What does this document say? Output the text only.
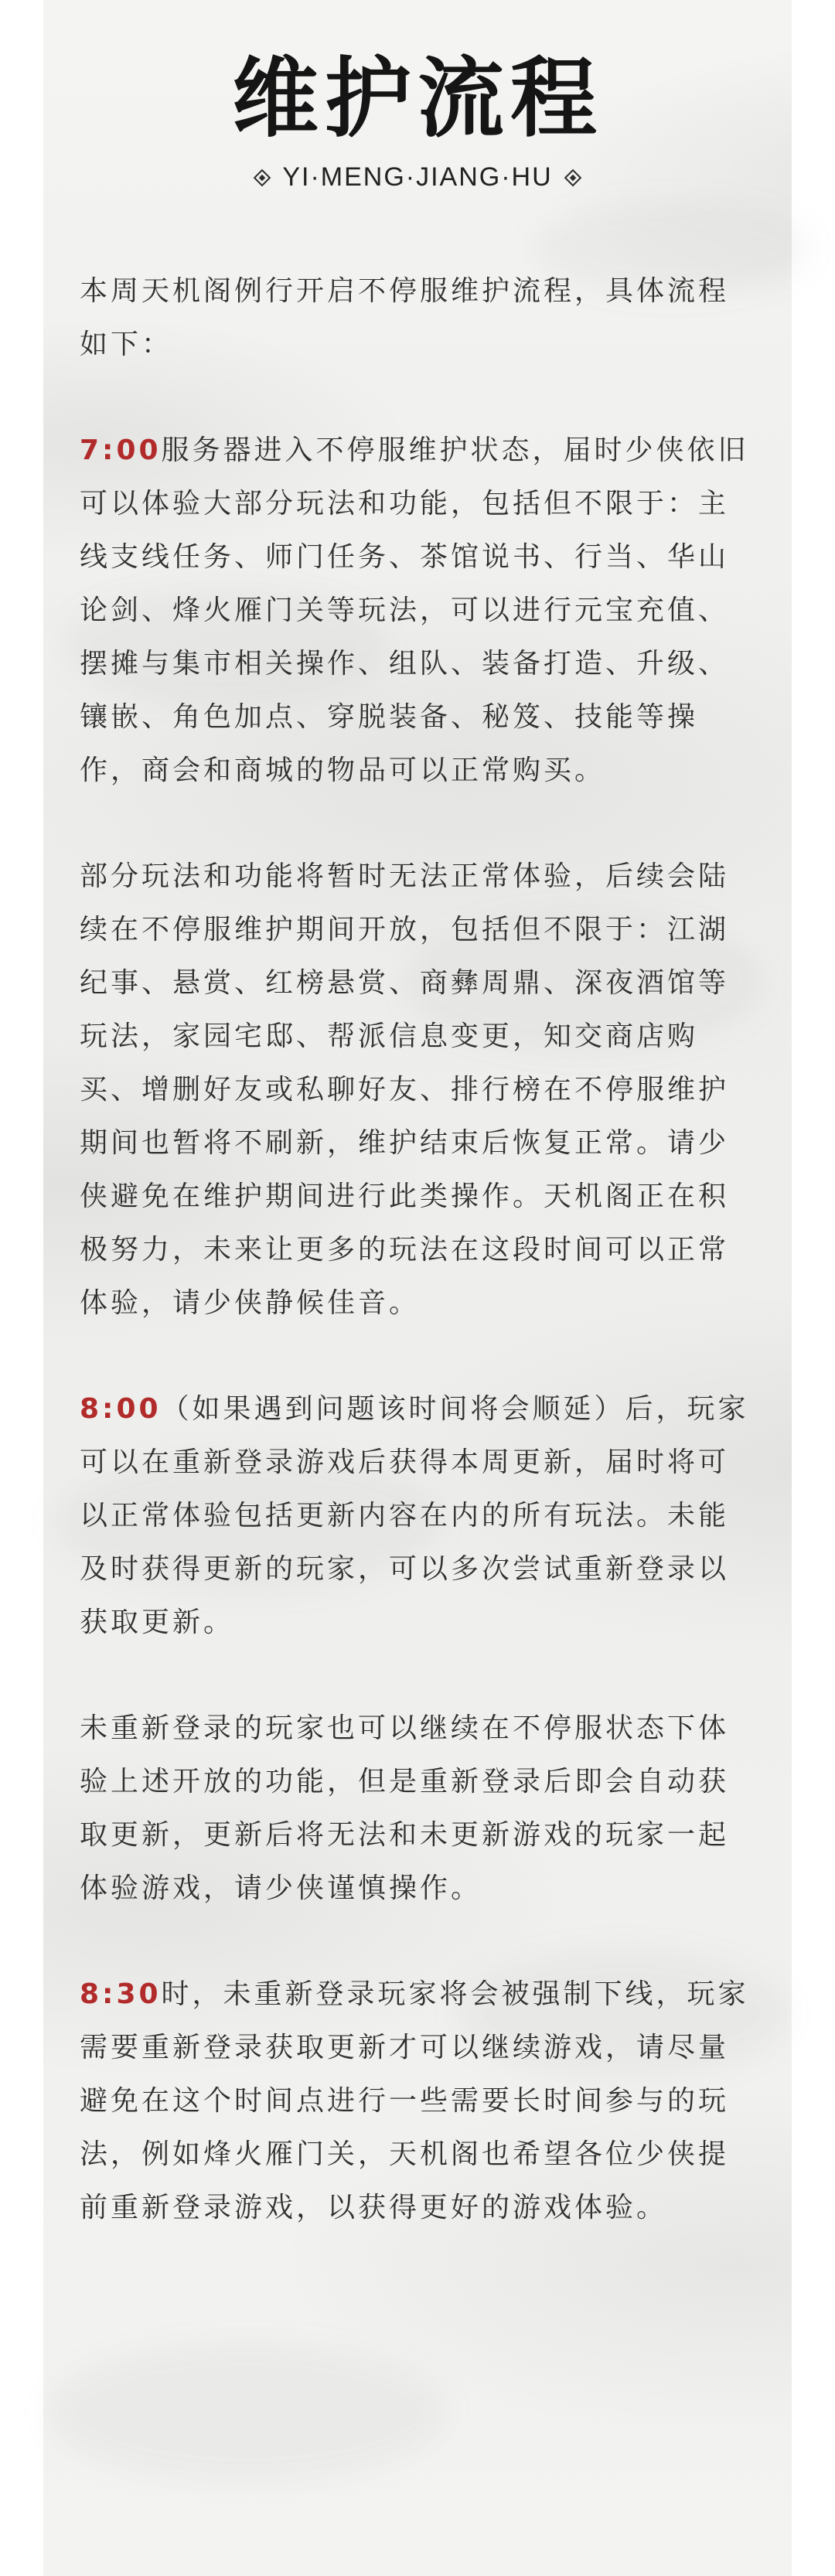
维护流程
YI·MENG·JIANG·HU

本周天机阁例行开启不停服维护流程，具体流程如下：

7:00服务器进入不停服维护状态，届时少侠依旧可以体验大部分玩法和功能，包括但不限于：主线支线任务、师门任务、茶馆说书、行当、华山论剑、烽火雁门关等玩法，可以进行元宝充值、摆摊与集市相关操作、组队、装备打造、升级、镶嵌、角色加点、穿脱装备、秘笈、技能等操作，商会和商城的物品可以正常购买。

部分玩法和功能将暂时无法正常体验，后续会陆续在不停服维护期间开放，包括但不限于：江湖纪事、悬赏、红榜悬赏、商彝周鼎、深夜酒馆等玩法，家园宅邸、帮派信息变更，知交商店购买、增删好友或私聊好友、排行榜在不停服维护期间也暂将不刷新，维护结束后恢复正常。请少侠避免在维护期间进行此类操作。天机阁正在积极努力，未来让更多的玩法在这段时间可以正常体验，请少侠静候佳音。

8:00（如果遇到问题该时间将会顺延）后，玩家可以在重新登录游戏后获得本周更新，届时将可以正常体验包括更新内容在内的所有玩法。未能及时获得更新的玩家，可以多次尝试重新登录以获取更新。

未重新登录的玩家也可以继续在不停服状态下体验上述开放的功能，但是重新登录后即会自动获取更新，更新后将无法和未更新游戏的玩家一起体验游戏，请少侠谨慎操作。

8:30时，未重新登录玩家将会被强制下线，玩家需要重新登录获取更新才可以继续游戏，请尽量避免在这个时间点进行一些需要长时间参与的玩法，例如烽火雁门关，天机阁也希望各位少侠提前重新登录游戏，以获得更好的游戏体验。
